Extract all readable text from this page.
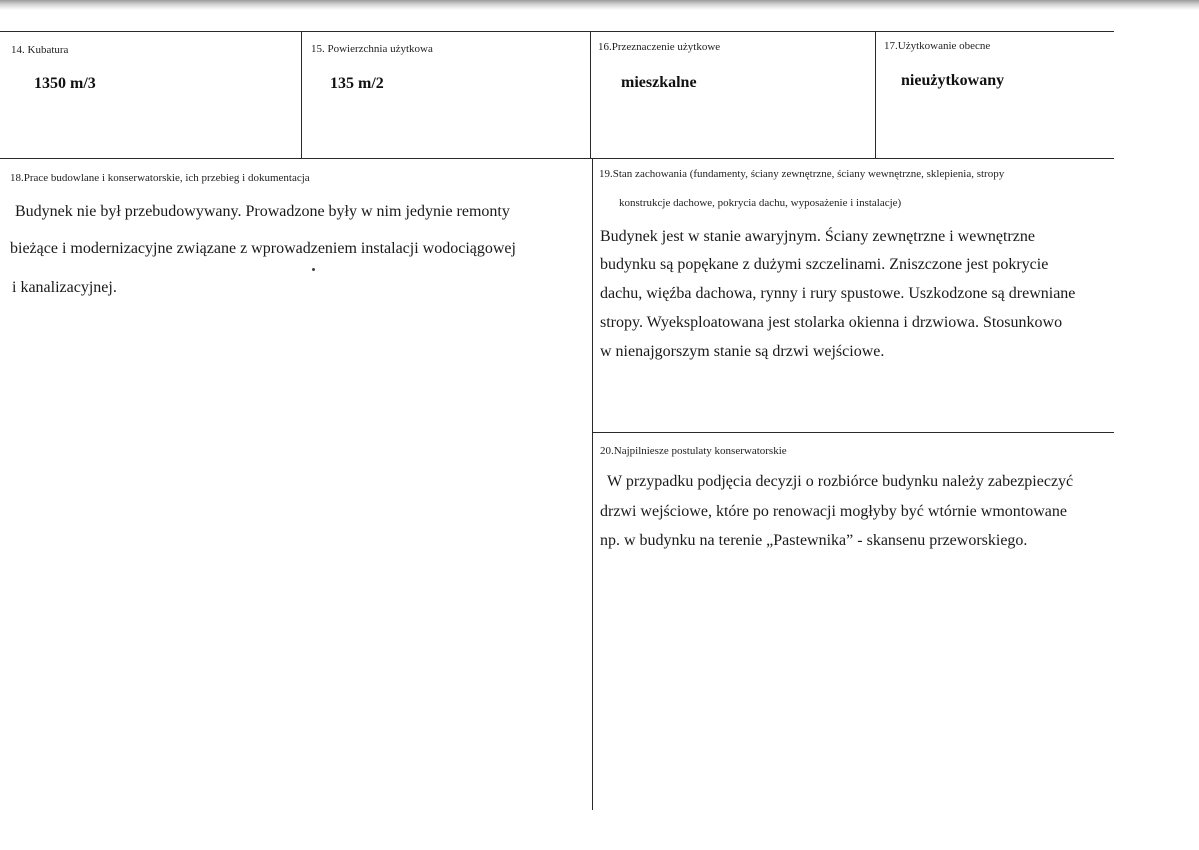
14. Kubatura
1350 m/3
15. Powierzchnia użytkowa
135 m/2
16.Przeznaczenie użytkowe
mieszkalne
17.Użytkowanie obecne
nieużytkowany
18.Prace budowlane i konserwatorskie, ich przebieg i dokumentacja
Budynek nie był przebudowywany. Prowadzone były w nim jedynie remonty
bieżące i modernizacyjne związane z wprowadzeniem instalacji wodociągowej
i kanalizacyjnej.
19.Stan zachowania (fundamenty, ściany zewnętrzne, ściany wewnętrzne, sklepienia, stropy
konstrukcje dachowe, pokrycia dachu, wyposażenie i instalacje)
Budynek jest w stanie awaryjnym. Ściany zewnętrzne i wewnętrzne
budynku są popękane z dużymi szczelinami. Zniszczone jest pokrycie
dachu, więźba dachowa, rynny i rury spustowe. Uszkodzone są drewniane
stropy. Wyeksploatowana jest stolarka okienna i drzwiowa. Stosunkowo
w nienajgorszym stanie są drzwi wejściowe.
20.Najpilniesze postulaty konserwatorskie
W przypadku podjęcia decyzji o rozbiórce budynku należy zabezpieczyć
drzwi wejściowe, które po renowacji mogłyby być wtórnie wmontowane
np. w budynku na terenie „Pastewnika” - skansenu przeworskiego.
